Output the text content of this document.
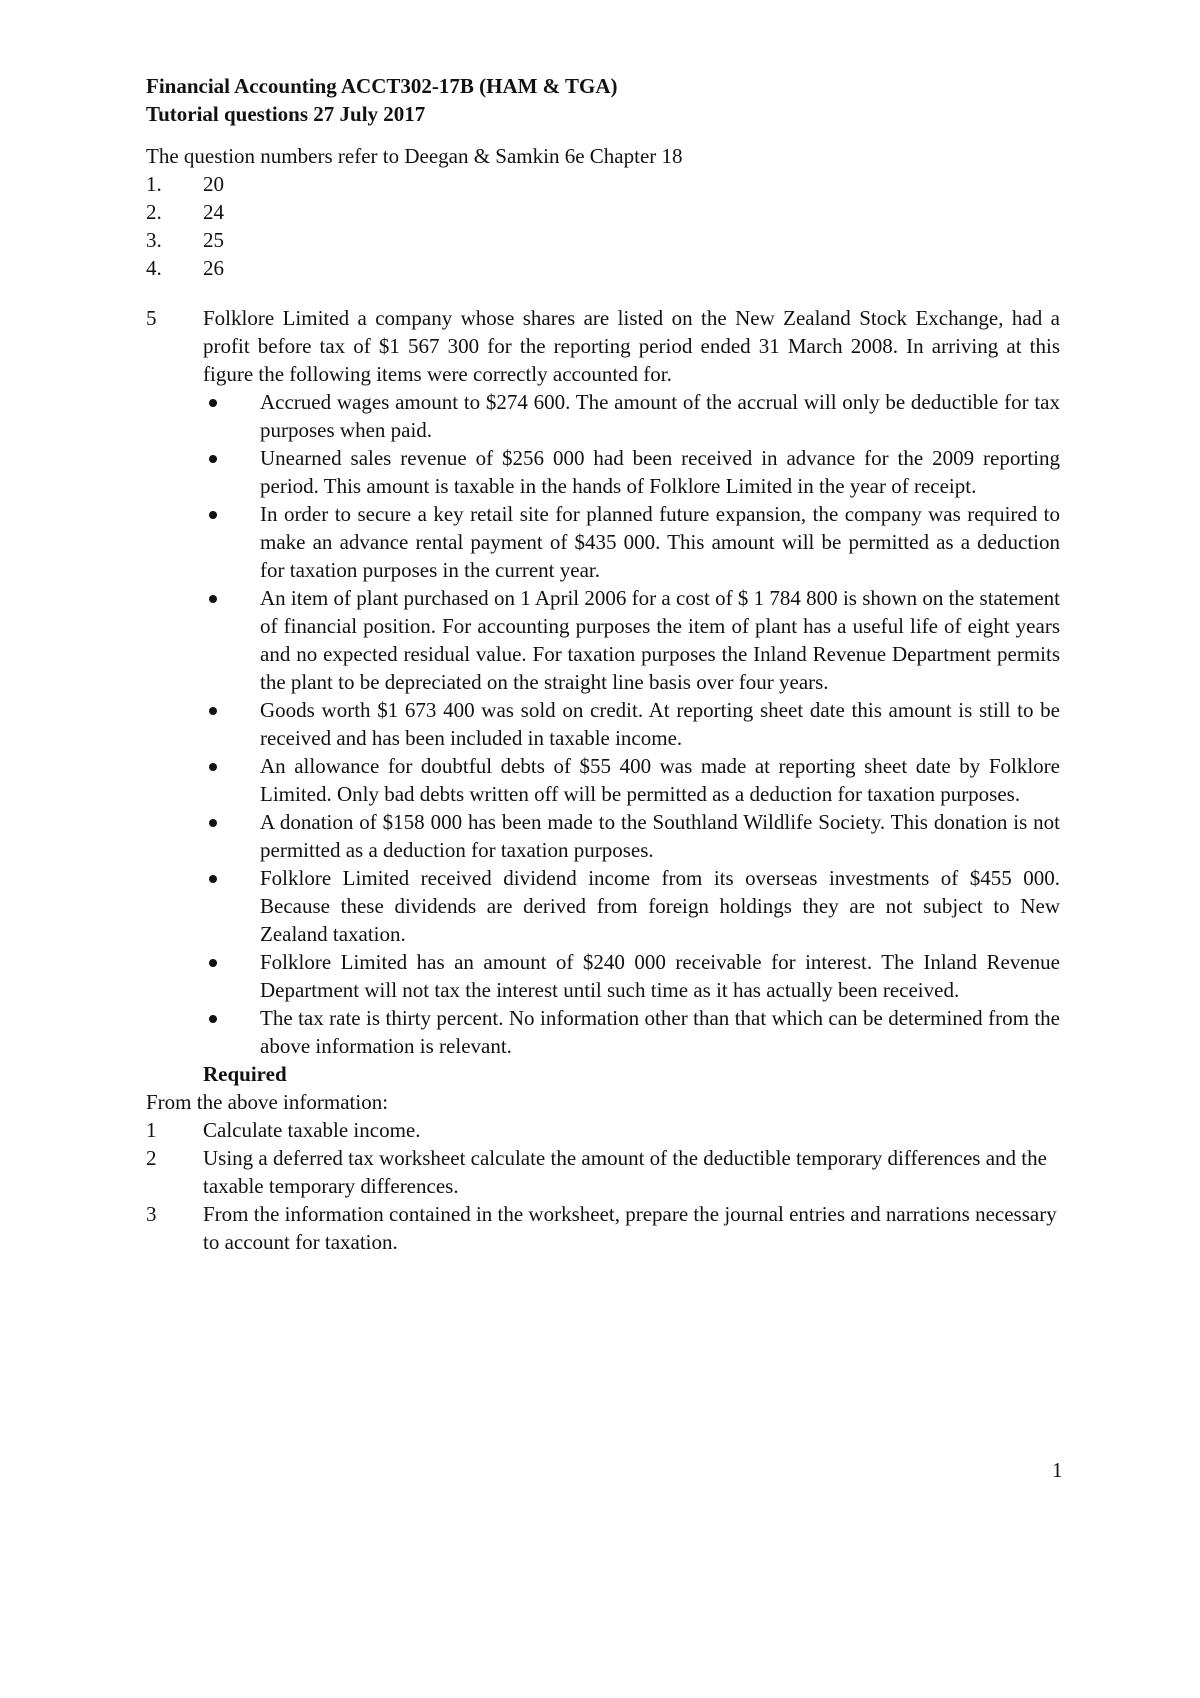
Financial Accounting ACCT302-17B (HAM & TGA)

Tutorial questions 27 July 2017

The question numbers refer to Deegan & Samkin 6e Chapter 18
1.	20
2.	24
3.	25
4.	26
5	Folklore Limited a company whose shares are listed on the New Zealand Stock Exchange, had a profit before tax of $1 567 300 for the reporting period ended 31 March 2008. In arriving at this figure the following items were correctly accounted for.
Accrued wages amount to $274 600. The amount of the accrual will only be deductible for tax purposes when paid.
Unearned sales revenue of $256 000 had been received in advance for the 2009 reporting period. This amount is taxable in the hands of Folklore Limited in the year of receipt.
In order to secure a key retail site for planned future expansion, the company was required to make an advance rental payment of $435 000. This amount will be permitted as a deduction for taxation purposes in the current year.
An item of plant purchased on 1 April 2006 for a cost of $ 1 784 800 is shown on the statement of financial position. For accounting purposes the item of plant has a useful life of eight years and no expected residual value. For taxation purposes the Inland Revenue Department permits the plant to be depreciated on the straight line basis over four years.
Goods worth $1 673 400 was sold on credit. At reporting sheet date this amount is still to be received and has been included in taxable income.
An allowance for doubtful debts of $55 400 was made at reporting sheet date by Folklore Limited. Only bad debts written off will be permitted as a deduction for taxation purposes.
A donation of $158 000 has been made to the Southland Wildlife Society. This donation is not permitted as a deduction for taxation purposes.
Folklore Limited received dividend income from its overseas investments of $455 000. Because these dividends are derived from foreign holdings they are not subject to New Zealand taxation.
Folklore Limited has an amount of $240 000 receivable for interest. The Inland Revenue Department will not tax the interest until such time as it has actually been received.
The tax rate is thirty percent. No information other than that which can be determined from the above information is relevant.
Required
From the above information:
1	Calculate taxable income.
2	Using a deferred tax worksheet calculate the amount of the deductible temporary differences and the taxable temporary differences.
3	From the information contained in the worksheet, prepare the journal entries and narrations necessary to account for taxation.
1
